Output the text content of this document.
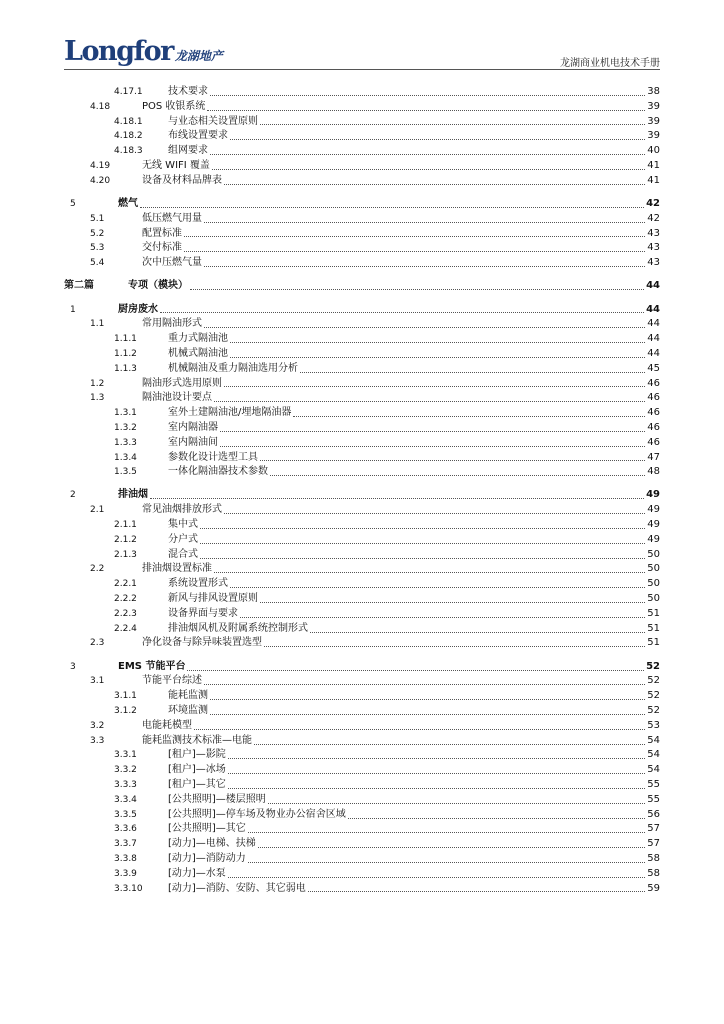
Longfor 龙湖地产
龙湖商业机电技术手册
4.17.1	技术要求	38
4.18	POS 收银系统	39
4.18.1	与业态相关设置原则	39
4.18.2	布线设置要求	39
4.18.3	组网要求	40
4.19	无线 WIFI 覆盖	41
4.20	设备及材料品牌表	41
5	燃气	42
5.1	低压燃气用量	42
5.2	配置标准	43
5.3	交付标准	43
5.4	次中压燃气量	43
第二篇	专项（模块）	44
1	厨房废水	44
1.1	常用隔油形式	44
1.1.1	重力式隔油池	44
1.1.2	机械式隔油池	44
1.1.3	机械隔油及重力隔油选用分析	45
1.2	隔油形式选用原则	46
1.3	隔油池设计要点	46
1.3.1	室外土建隔油池/埋地隔油器	46
1.3.2	室内隔油器	46
1.3.3	室内隔油间	46
1.3.4	参数化设计选型工具	47
1.3.5	一体化隔油器技术参数	48
2	排油烟	49
2.1	常见油烟排放形式	49
2.1.1	集中式	49
2.1.2	分户式	49
2.1.3	混合式	50
2.2	排油烟设置标准	50
2.2.1	系统设置形式	50
2.2.2	新风与排风设置原则	50
2.2.3	设备界面与要求	51
2.2.4	排油烟风机及附属系统控制形式	51
2.3	净化设备与除异味装置选型	51
3	EMS 节能平台	52
3.1	节能平台综述	52
3.1.1	能耗监测	52
3.1.2	环境监测	52
3.2	电能耗模型	53
3.3	能耗监测技术标准—电能	54
3.3.1	[租户]—影院	54
3.3.2	[租户]—冰场	54
3.3.3	[租户]—其它	55
3.3.4	[公共照明]—楼层照明	55
3.3.5	[公共照明]—停车场及物业办公宿舍区域	56
3.3.6	[公共照明]—其它	57
3.3.7	[动力]—电梯、扶梯	57
3.3.8	[动力]—消防动力	58
3.3.9	[动力]—水泵	58
3.3.10	[动力]—消防、安防、其它弱电	59
